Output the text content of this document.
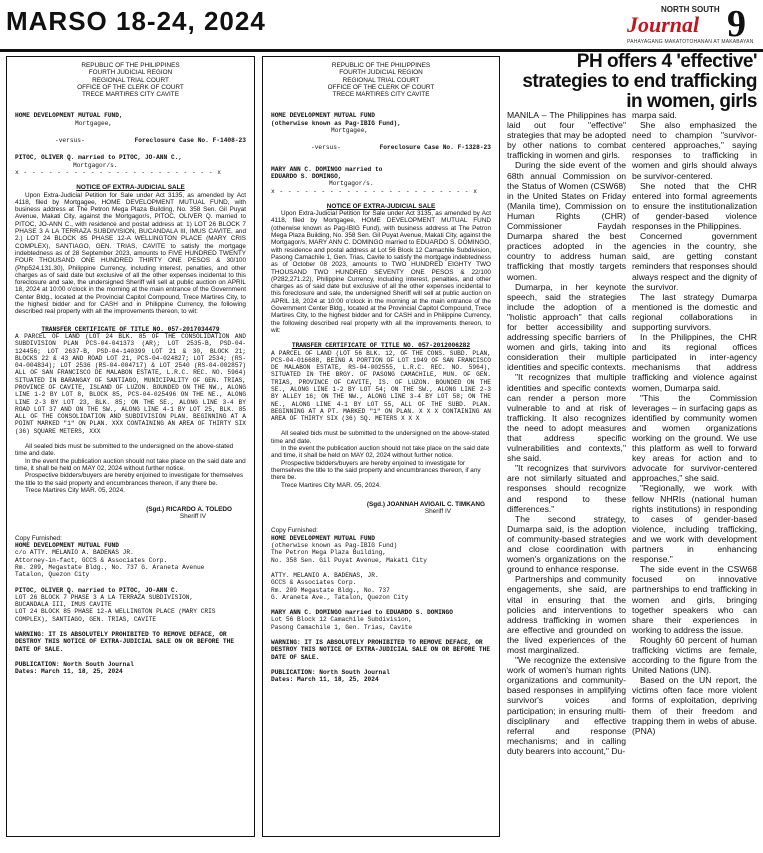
MARSO 18-24, 2024	NORTH SOUTH
Journal 9
PAHAYAGANG MAKATOTOHANAN AT MAKABAYAN
REPUBLIC OF THE PHILIPPINES
FOURTH JUDICIAL REGION
REGIONAL TRIAL COURT
OFFICE OF THE CLERK OF COURT
TRECE MARTIRES CITY CAVITE
HOME DEVELOPMENT MUTUAL FUND,
Mortgagee,
-versus-	Foreclosure Case No. F-1408-23
PITOC, OLIVER Q. married to PITOC, JO-ANN C.,
Mortgagor/s.
x - - - - - - - - - - - - - - - - - - - - - - - x
NOTICE OF EXTRA-JUDICIAL SALE

Upon Extra-Judicial Petition for Sale under Act 3135, as amended by Act 4118, filed by Mortgagee, HOME DEVELOPMENT MUTUAL FUND, with business address at The Petron Mega Plaza Building, No. 358 Sen. Gil Puyat Avenue, Makati City, against the Mortgagor/s, PITOC, OLIVER Q. married to PITOC, JO-ANN C., with residence and postal address at: 1) LOT 26 BLOCK 7 PHASE 3 A LA TERRAZA SUBDIVISION, BUCANDALA III, IMUS CAVITE, and 2.) LOT 24 BLOCK 85 PHASE 12-A WELLINGTON PLACE (MARY CRIS COMPLEX), SANTIAGO, GEN. TRIAS, CAVITE to satisfy the mortgage indebtedness as of 28 September 2023, amounts to FIVE HUNDRED TWENTY FOUR THOUSAND ONE HUNDRED THIRTY ONE PESOS & 30/100 (Php524,131.30), Philippine Currency, including interest, penalties, and other charges as of said date but exclusive of all the other expenses incidental to this foreclosure and sale, the undersigned Sheriff will sell at public auction on APRIL 18, 2024 at 10:00 o'clock in the morning at the main entrance of the Government Center Bldg., located at the Provincial Capitol Compound, Trece Martires City, to the highest bidder and for CASH and in Philippine Currency, the following described real property with all the improvements thereon, to wit:

TRANSFER CERTIFICATE OF TITLE NO. 057-2017034479

A PARCEL OF LAND (LOT 24 BLK. 85 OF THE CONSOLIDATION AND SUBDIVISION PLAN PCS-04-041373 (AR); LOT 2535-B, PSD-04-124456; LOT 2637-B, PSD-04-140399 LOT 21 & 30, BLOCK 21; BLOCKS 22 & 43 AND ROAD LOT 21, PCS-04-024827; LOT 2534; (RS-04-004834); LOT 2536 (RS-04-004717) & LOT 2540 (RS-04-002857) ALL OF SAN FRANCISCO DE MALABON ESTATE, L.R.C. REC. NO. 5964) SITUATED IN BARANGAY OF SANTIAGO, MUNICIPALITY OF GEN. TRIAS, PROVINCE OF CAVITE, ISLAND OF LUZON. BOUNDED ON THE NW., ALONG LINE 1-2 BY LOT 8, BLOCK 85, PCS-04-025496 ON THE NE., ALONG LINE 2-3 BY LOT 23, BLK. 85; ON THE SE., ALONG LINE 3-4 BY ROAD LOT 37 AND ON THE SW., ALONG LINE 4-1 BY LOT 25, BLK. 85 ALL OF THE CONSOLIDATION AND SUBDIVISION PLAN. BEGINNING AT A POINT MARKED "1" ON PLAN. XXX CONTAINING AN AREA OF THIRTY SIX (36) SQUARE METERS, XXX

All sealed bids must be submitted to the undersigned on the above-stated time and date.

In the event the publication auction should not take place on the said date and time, it shall be held on MAY 02, 2024 without further notice.

Prospective bidders/buyers are hereby enjoined to investigate for themselves the title to the said property and encumbrances thereon, if any there be.

Trece Martires City MAR. 05, 2024.

(Sgd.) RICARDO A. TOLEDO
Sheriff IV
Copy Furnished:
HOME DEVELOPMENT MUTUAL FUND
c/o ATTY. MELANIO A. BADENAS JR.
Attorney-in-fact, GCCS & Associates Corp.
Rm. 209, Megastate Bldg., No. 737 G. Araneta Avenue
Tatalon, Quezon City
PITOC, OLIVER Q. married to PITOC, JO-ANN C.
LOT 26 BLOCK 7 PHASE 3 A LA TERRAZA SUBDIVISION,
BUCANDALA III, IMUS CAVITE
LOT 24 BLOCK 85 PHASE 12-A WELLINGTON PLACE (MARY CRIS COMPLEX), SANTIAGO, GEN. TRIAS, CAVITE
WARNING: IT IS ABSOLUTELY PROHIBITED TO REMOVE DEFACE, OR DESTROY THIS NOTICE OF EXTRA-JUDICIAL SALE ON OR BEFORE THE DATE OF SALE.
PUBLICATION: North South Journal
Dates: March 11, 18, 25, 2024
REPUBLIC OF THE PHILIPPINES
FOURTH JUDICIAL REGION
REGIONAL TRIAL COURT
OFFICE OF THE CLERK OF COURT
TRECE MARTIRES CITY CAVITE
HOME DEVELOPMENT MUTUAL FUND
(otherwise known as Pag-IBIG Fund),
Mortgagee,
-versus-	Foreclosure Case No. F-1328-23
MARY ANN C. DOMINGO married to
EDUARDO S. DOMINGO,
Mortgagor/s.
x - - - - - - - - - - - - - - - - - - - - - - - x
NOTICE OF EXTRA-JUDICIAL SALE

Upon Extra-Judicial Petition for Sale under Act 3135, as amended by Act 4118, filed by Mortgagee, HOME DEVELOPMENT MUTUAL FUND (otherwise known as Pag-IBIG Fund), with business address at The Petron Mega Plaza Building, No. 358 Sen. Gil Puyat Avenue, Makati City, against the Mortgagor/s, MARY ANN C. DOMINGO married to EDUARDO S. DOMINGO, with residence and postal address at Lot 56 Block 12 Camachile Subdivision, Pasong Camachile 1, Gen. Trias, Cavite to satisfy the mortgage indebtedness as of October 08 2023, amounts to TWO HUNDRED EIGHTY TWO THOUSAND TWO HUNDRED SEVENTY ONE PESOS & 22/100 (P282,271.22), Philippine Currency, including interest, penalties, and other charges as of said date but exclusive of all the other expenses incidental to this foreclosure and sale, the undersigned Sheriff will sell at public auction on APRIL 18, 2024 at 10:00 o'clock in the morning at the main entrance of the Government Center Bldg., located at the Provincial Capitol Compound, Trece Martires City, to the highest bidder and for CASH and in Philippine Currency, the following described real property with all the improvements thereon, to wit:

TRANSFER CERTIFICATE OF TITLE NO. 057-2012006282

A PARCEL OF LAND (LOT 56 BLK. 12, OF THE CONS. SUBD. PLAN, PCS-04-016688, BEING A PORTION OF LOT 1949 OF SAN FRANCISCO DE MALABON ESTATE, RS-04-002555, L.R.C. REC. NO. 5964), SITUATED IN THE BRGY. OF PASONG CAMACHILE, MUN. OF GEN. TRIAS, PROVINCE OF CAVITE, IS. OF LUZON. BOUNDED ON THE SE., ALONG LINE 1-2 BY LOT 54; ON THE SW., ALONG LINE 2-3 BY ALLEY 16; ON THE NW., ALONG LINE 3-4 BY LOT 58; ON THE NE., ALONG LINE 4-1 BY LOT 55, ALL OF THE SUBD. PLAN. BEGINNING AT A PT. MARKED "1" ON PLAN. X X X CONTAINING AN AREA OF THIRTY SIX (36) SQ. METERS X X X

All sealed bids must be submitted to the undersigned on the above-stated time and date.

In the event the publication auction should not take place on the said date and time, it shall be held on MAY 02, 2024 without further notice.

Prospective bidders/buyers are hereby enjoined to investigate for themselves the title to the said property and encumbrances thereon, if any there be.

Trece Martires City MAR. 05, 2024.

(Sgd.) JOANNAH AVIGAIL C. TIMKANG
Sheriff IV
Copy Furnished:
HOME DEVELOPMENT MUTUAL FUND
(otherwise known as Pag-IBIG Fund)
The Petron Mega Plaza Building,
No. 358 Sen. Gil Puyat Avenue, Makati City
ATTY. MELANIO A. BADENAS, JR.
GCCS & Associates Corp.
Rm. 209 Megastate Bldg., No. 737
G. Araneta Ave., Tatalon, Quezon City
MARY ANN C. DOMINGO married to EDUARDO S. DOMINGO
Lot 56 Block 12 Camachile Subdivision,
Pasong Camachile 1, Gen. Trias, Cavite
WARNING: IT IS ABSOLUTELY PROHIBITED TO REMOVE DEFACE, OR DESTROY THIS NOTICE OF EXTRA-JUDICIAL SALE ON OR BEFORE THE DATE OF SALE.
PUBLICATION: North South Journal
Dates: March 11, 18, 25, 2024
PH offers 4 'effective' strategies to end trafficking in women, girls

MANILA – The Philippines has laid out four "effective" strategies that may be adopted by other nations to combat trafficking in women and girls.

During the side event of the 68th annual Commission on the Status of Women (CSW68) in the United States on Friday (Manila time), Commission on Human Rights (CHR) Commissioner Faydah Dumarpa shared the best practices adopted in the country to address human trafficking that mostly targets women.

Dumarpa, in her keynote speech, said the strategies include the adoption of a "holistic approach" that calls for better accessibility and addressing specific barriers of women and girls, taking into consideration their multiple identities and specific contexts.

"It recognizes that multiple identities and specific contexts can render a person more vulnerable to and at risk of trafficking. It also recognizes the need to adopt measures that address specific vulnerabilities and contexts," she said.

"It recognizes that survivors are not similarly situated and responses should recognize and respond to these differences."

The second strategy, Dumarpa said, is the adoption of community-based strategies and close coordination with women's organizations on the ground to enhance response.

Partnerships and community engagements, she said, are vital in ensuring that the policies and interventions to address trafficking in women are effective and grounded on the lived experiences of the most marginalized.

"We recognize the extensive work of women's human rights organizations and community-based responses in amplifying survivor's voices and participation; in ensuring multi-disciplinary and effective referral and response mechanisms; and in calling duty bearers into account," Du-

marpa said.

She also emphasized the need to champion "survivor-centered approaches," saying responses to trafficking in women and girls should always be survivor-centered.

She noted that the CHR entered into formal agreements to ensure the institutionalization of gender-based violence responses in the Philippines.

Concerned government agencies in the country, she said, are getting constant reminders that responses should always respect and the dignity of the survivor.

The last strategy Dumarpa mentioned is the domestic and regional collaborations in supporting survivors.

In the Philippines, the CHR and its regional offices participated in inter-agency mechanisms that address trafficking and violence against women, Dumarpa said.

"This the Commission leverages – in surfacing gaps as identified by community women and women organizations working on the ground. We use this platform as well to forward key areas for action and to advocate for survivor-centered approaches," she said.

"Regionally, we work with fellow NHRIs (national human rights institutions) in responding to cases of gender-based violence, including trafficking, and we work with development partners in enhancing response."

The side event in the CSW68 focused on innovative partnerships to end trafficking in women and girls, bringing together speakers who can share their experiences in working to address the issue.

Roughly 60 percent of human trafficking victims are female, according to the figure from the United Nations (UN).

Based on the UN report, the victims often face more violent forms of exploitation, depriving them of their freedom and trapping them in webs of abuse. (PNA)
